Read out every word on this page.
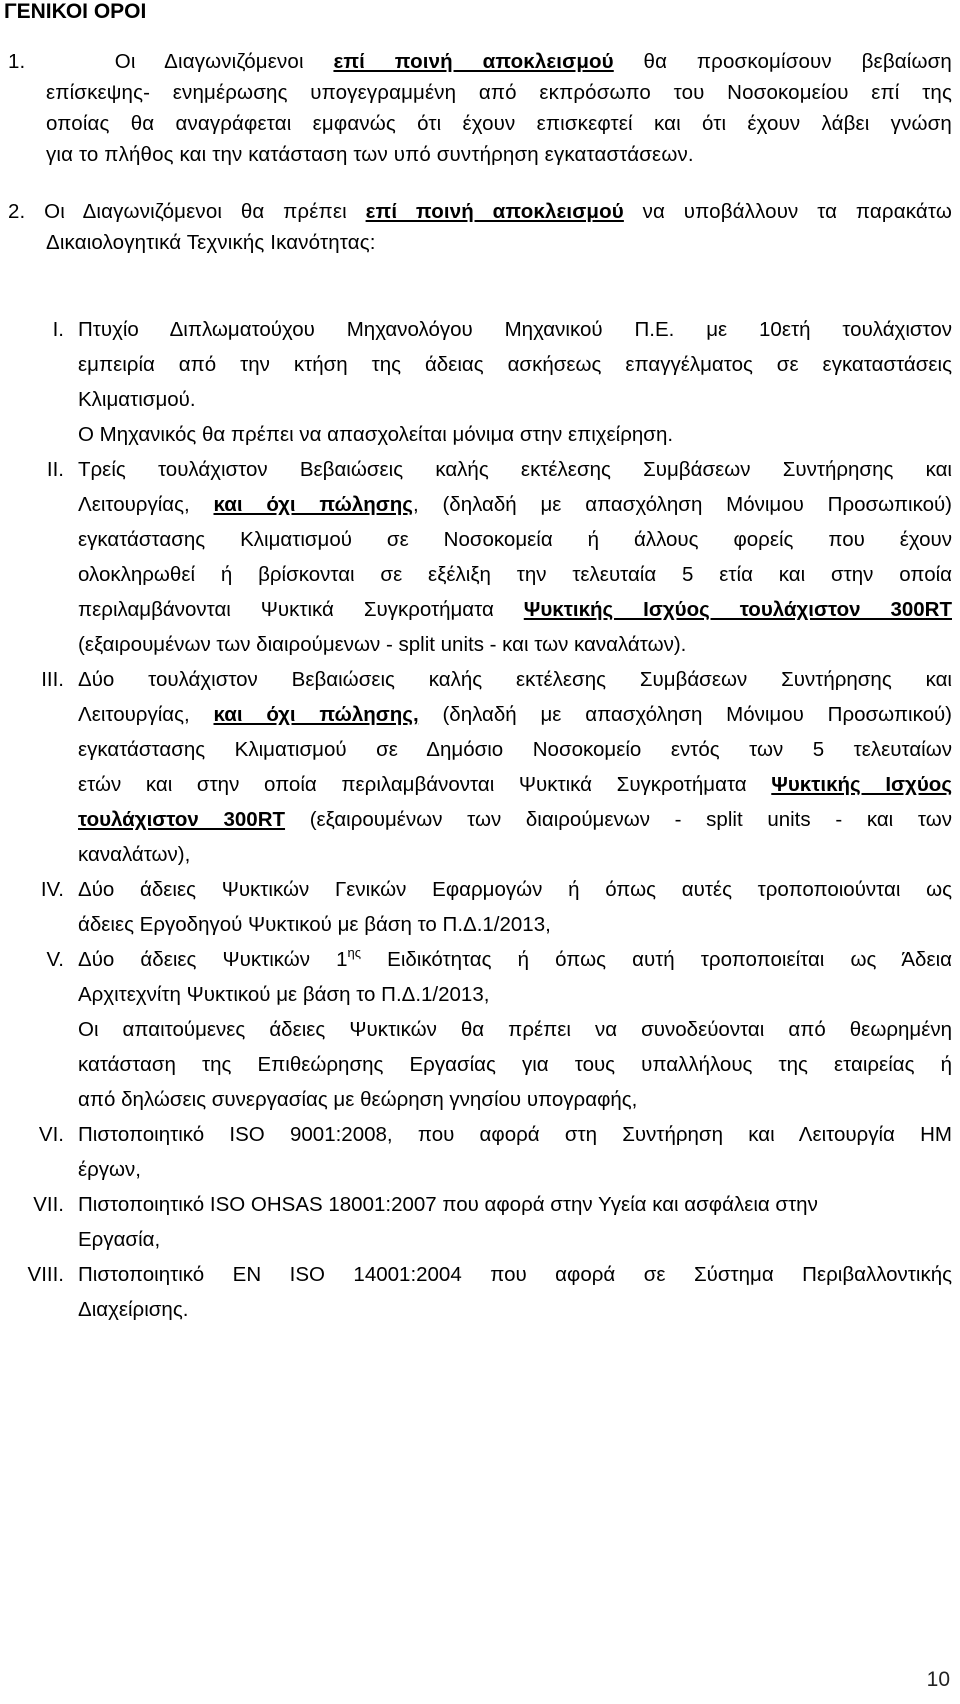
ΓΕΝΙΚΟΙ ΟΡΟΙ
1.	Οι Διαγωνιζόμενοι επί ποινή αποκλεισμού θα προσκομίσουν βεβαίωση
επίσκεψης- ενημέρωσης υπογεγραμμένη από εκπρόσωπο του Νοσοκομείου επί της
οποίας θα αναγράφεται εμφανώς ότι έχουν επισκεφτεί και ότι έχουν λάβει γνώση
για το πλήθος και την κατάσταση των υπό συντήρηση εγκαταστάσεων.
2. Οι Διαγωνιζόμενοι θα πρέπει επί ποινή αποκλεισμού να υποβάλλουν τα παρακάτω
Δικαιολογητικά Τεχνικής Ικανότητας:
I. Πτυχίο Διπλωματούχου Μηχανολόγου Μηχανικού Π.Ε. με 10ετή τουλάχιστον
εμπειρία από την κτήση της άδειας ασκήσεως επαγγέλματος σε εγκαταστάσεις
Κλιματισμού.
Ο Μηχανικός θα πρέπει να απασχολείται μόνιμα στην επιχείρηση.
II. Τρείς τουλάχιστον Βεβαιώσεις καλής εκτέλεσης Συμβάσεων Συντήρησης και
Λειτουργίας, και όχι πώλησης, (δηλαδή με απασχόληση Μόνιμου Προσωπικού)
εγκατάστασης Κλιματισμού σε Νοσοκομεία ή άλλους φορείς που έχουν
ολοκληρωθεί ή βρίσκονται σε εξέλιξη την τελευταία 5 ετία και στην οποία
περιλαμβάνονται Ψυκτικά Συγκροτήματα Ψυκτικής Ισχύος τουλάχιστον 300RT
(εξαιρουμένων των διαιρούμενων - split units - και των καναλάτων).
III. Δύο τουλάχιστον Βεβαιώσεις καλής εκτέλεσης Συμβάσεων Συντήρησης και
Λειτουργίας, και όχι πώλησης, (δηλαδή με απασχόληση Μόνιμου Προσωπικού)
εγκατάστασης Κλιματισμού σε Δημόσιο Νοσοκομείο εντός των 5 τελευταίων
ετών και στην οποία περιλαμβάνονται Ψυκτικά Συγκροτήματα Ψυκτικής Ισχύος
τουλάχιστον 300RT (εξαιρουμένων των διαιρούμενων - split units - και των
καναλάτων),
IV. Δύο άδειες Ψυκτικών Γενικών Εφαρμογών ή όπως αυτές τροποποιούνται ως
άδειες Εργοδηγού Ψυκτικού με βάση το Π.Δ.1/2013,
V. Δύο άδειες Ψυκτικών $1^{\eta\varsigma}$ Ειδικότητας ή όπως αυτή τροποποιείται ως Άδεια
Αρχιτεχνίτη Ψυκτικού με βάση το Π.Δ.1/2013,
Οι απαιτούμενες άδειες Ψυκτικών θα πρέπει να συνοδεύονται από θεωρημένη
κατάσταση της Επιθεώρησης Εργασίας για τους υπαλλήλους της εταιρείας ή
από δηλώσεις συνεργασίας με θεώρηση γνησίου υπογραφής,
VI. Πιστοποιητικό ISO 9001:2008, που αφορά στη Συντήρηση και Λειτουργία ΗΜ
έργων,
VII. Πιστοποιητικό ISO OHSAS 18001:2007 που αφορά στην Υγεία και ασφάλεια στην
Εργασία,
VIII. Πιστοποιητικό EN ISO 14001:2004 που αφορά σε Σύστημα Περιβαλλοντικής
Διαχείρισης.
10
